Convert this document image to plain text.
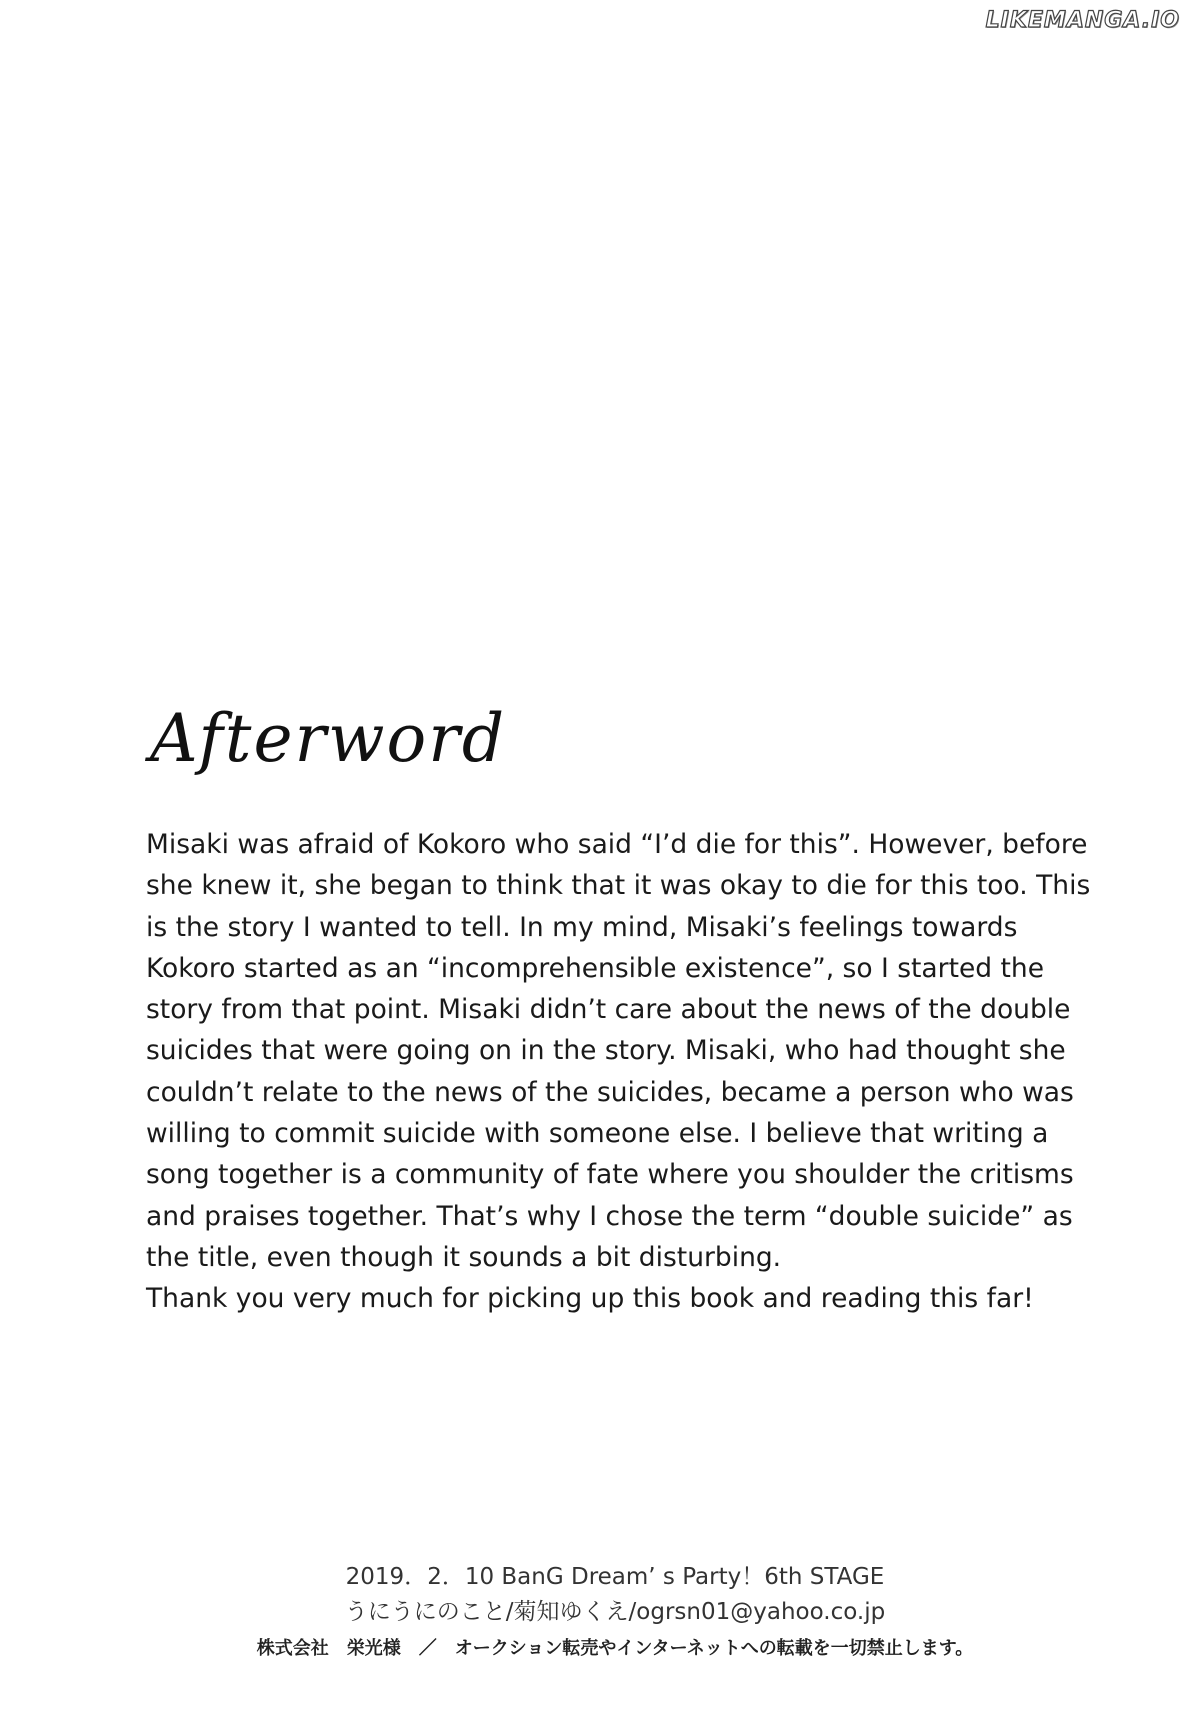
LIKEMANGA.IO
Afterword

Misaki was afraid of Kokoro who said “I’d die for this”. However, before she knew it, she began to think that it was okay to die for this too. This is the story I wanted to tell. In my mind, Misaki’s feelings towards Kokoro started as an “incomprehensible existence”, so I started the story from that point. Misaki didn’t care about the news of the double suicides that were going on in the story. Misaki, who had thought she couldn’t relate to the news of the suicides, became a person who was willing to commit suicide with someone else. I believe that writing a song together is a community of fate where you shoulder the critisms and praises together. That’s why I chose the term “double suicide” as the title, even though it sounds a bit disturbing.

Thank you very much for picking up this book and reading this far!

2019．2．10 BanG Dream’ s Party！6th STAGE
うにうにのこと/菊知ゆくえ/ogrsn01@yahoo.co.jp
株式会社　栄光様　／　オークション転売やインターネットへの転載を一切禁止します。
